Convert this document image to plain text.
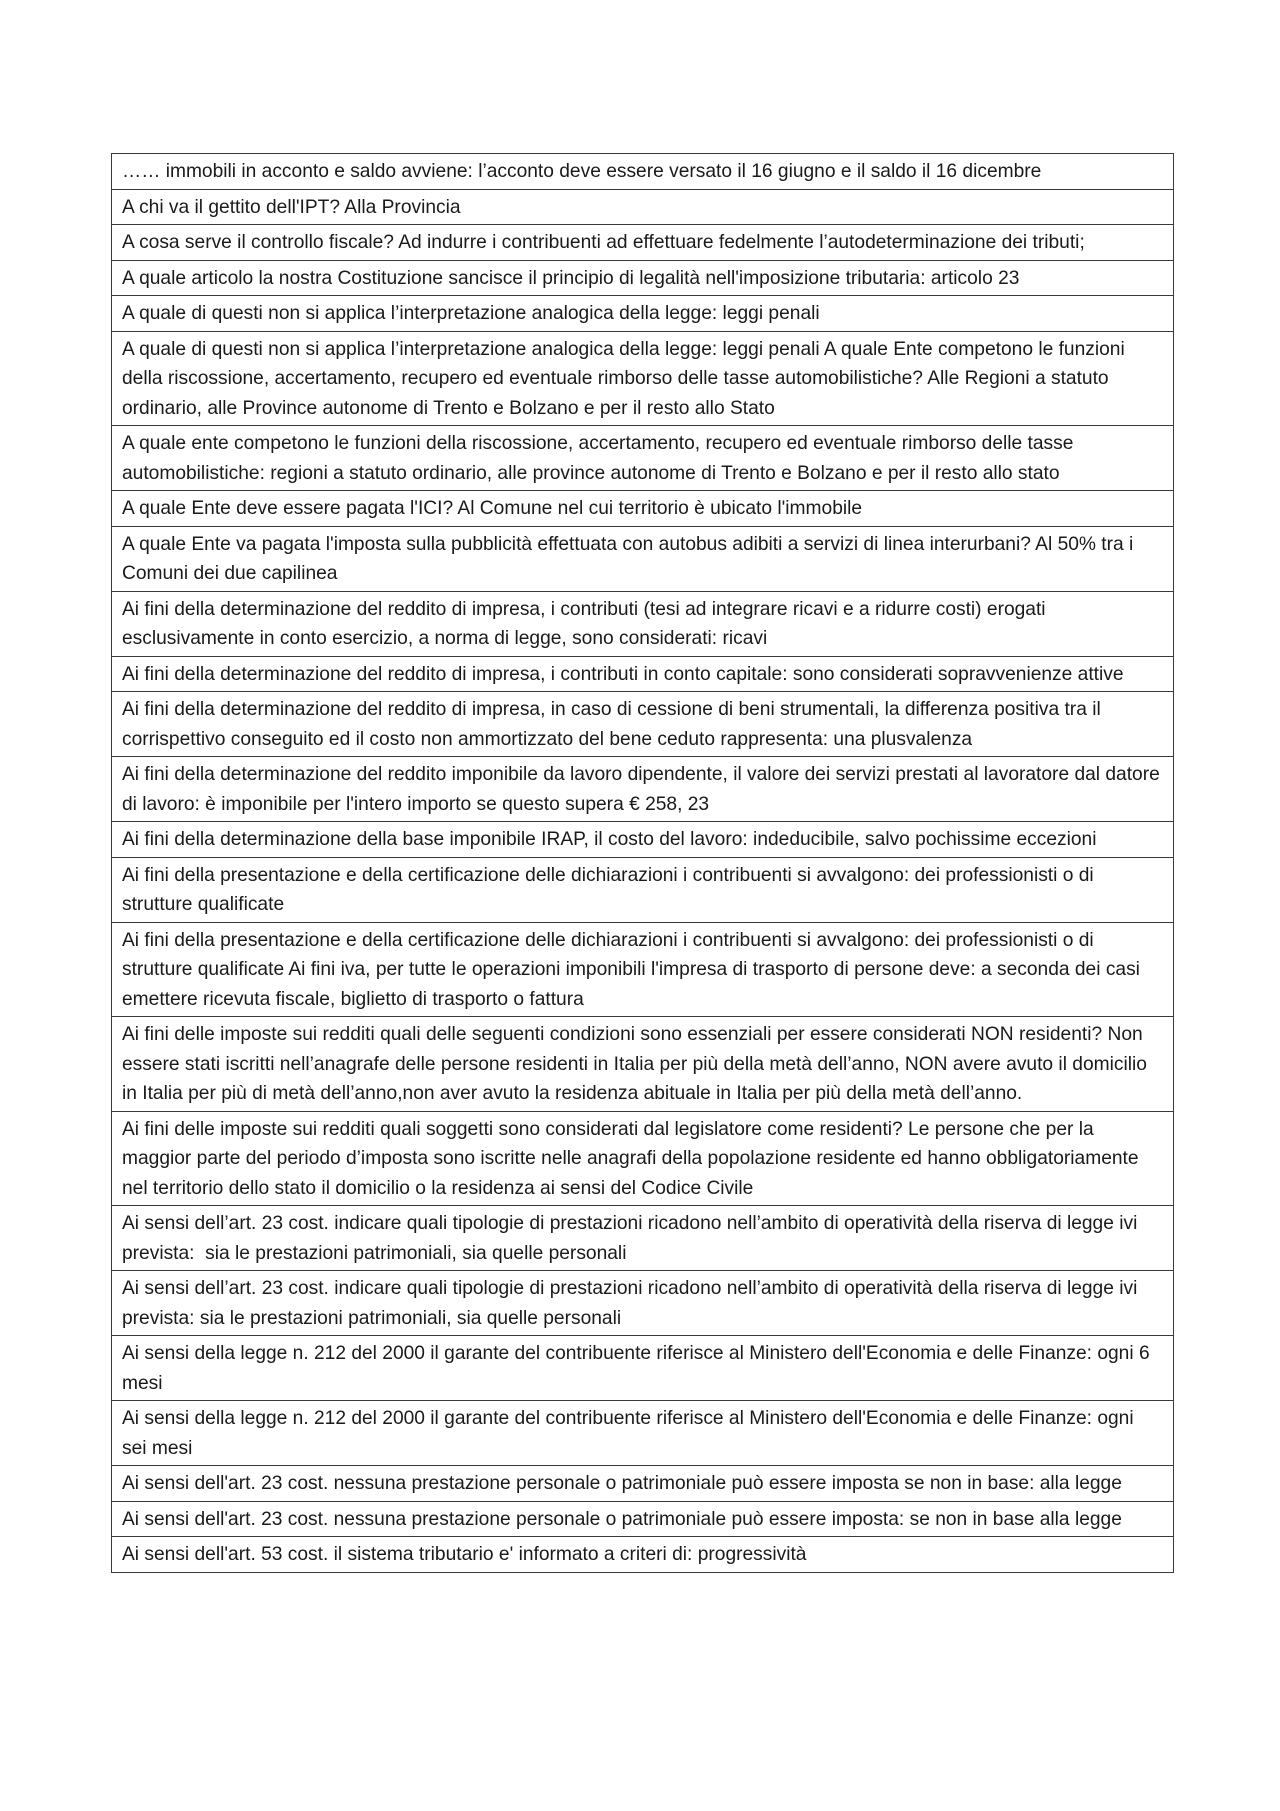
…… immobili in acconto e saldo avviene: l’acconto deve essere versato il 16 giugno e il saldo il 16 dicembre
A chi va il gettito dell'IPT? Alla Provincia
A cosa serve il controllo fiscale? Ad indurre i contribuenti ad effettuare fedelmente l’autodeterminazione dei tributi;
A quale articolo la nostra Costituzione sancisce il principio di legalità nell'imposizione tributaria: articolo 23
A quale di questi non si applica l’interpretazione analogica della legge: leggi penali
A quale di questi non si applica l’interpretazione analogica della legge: leggi penali A quale Ente competono le funzioni della riscossione, accertamento, recupero ed eventuale rimborso delle tasse automobilistiche? Alle Regioni a statuto ordinario, alle Province autonome di Trento e Bolzano e per il resto allo Stato
A quale ente competono le funzioni della riscossione, accertamento, recupero ed eventuale rimborso delle tasse automobilistiche: regioni a statuto ordinario, alle province autonome di Trento e Bolzano e per il resto allo stato
A quale Ente deve essere pagata l'ICI? Al Comune nel cui territorio è ubicato l'immobile
A quale Ente va pagata l'imposta sulla pubblicità effettuata con autobus adibiti a servizi di linea interurbani? Al 50% tra i Comuni dei due capilinea
Ai fini della determinazione del reddito di impresa, i contributi (tesi ad integrare ricavi e a ridurre costi) erogati esclusivamente in conto esercizio, a norma di legge, sono considerati: ricavi
Ai fini della determinazione del reddito di impresa, i contributi in conto capitale: sono considerati sopravvenienze attive
Ai fini della determinazione del reddito di impresa, in caso di cessione di beni strumentali, la differenza positiva tra il corrispettivo conseguito ed il costo non ammortizzato del bene ceduto rappresenta: una plusvalenza
Ai fini della determinazione del reddito imponibile da lavoro dipendente, il valore dei servizi prestati al lavoratore dal datore di lavoro: è imponibile per l'intero importo se questo supera € 258, 23
Ai fini della determinazione della base imponibile IRAP, il costo del lavoro: indeducibile, salvo pochissime eccezioni
Ai fini della presentazione e della certificazione delle dichiarazioni i contribuenti si avvalgono: dei professionisti o di strutture qualificate
Ai fini della presentazione e della certificazione delle dichiarazioni i contribuenti si avvalgono: dei professionisti o di strutture qualificate Ai fini iva, per tutte le operazioni imponibili l'impresa di trasporto di persone deve: a seconda dei casi emettere ricevuta fiscale, biglietto di trasporto o fattura
Ai fini delle imposte sui redditi quali delle seguenti condizioni sono essenziali per essere considerati NON residenti? Non essere stati iscritti nell’anagrafe delle persone residenti in Italia per più della metà dell’anno, NON avere avuto il domicilio in Italia per più di metà dell’anno,non aver avuto la residenza abituale in Italia per più della metà dell’anno.
Ai fini delle imposte sui redditi quali soggetti sono considerati dal legislatore come residenti? Le persone che per la maggior parte del periodo d’imposta sono iscritte nelle anagrafi della popolazione residente ed hanno obbligatoriamente nel territorio dello stato il domicilio o la residenza ai sensi del Codice Civile
Ai sensi dell’art. 23 cost. indicare quali tipologie di prestazioni ricadono nell’ambito di operatività della riserva di legge ivi prevista:  sia le prestazioni patrimoniali, sia quelle personali
Ai sensi dell’art. 23 cost. indicare quali tipologie di prestazioni ricadono nell’ambito di operatività della riserva di legge ivi prevista: sia le prestazioni patrimoniali, sia quelle personali
Ai sensi della legge n. 212 del 2000 il garante del contribuente riferisce al Ministero dell'Economia e delle Finanze: ogni 6 mesi
Ai sensi della legge n. 212 del 2000 il garante del contribuente riferisce al Ministero dell'Economia e delle Finanze: ogni sei mesi
Ai sensi dell'art. 23 cost. nessuna prestazione personale o patrimoniale può essere imposta se non in base: alla legge
Ai sensi dell'art. 23 cost. nessuna prestazione personale o patrimoniale può essere imposta: se non in base alla legge
Ai sensi dell'art. 53 cost. il sistema tributario e' informato a criteri di: progressività
